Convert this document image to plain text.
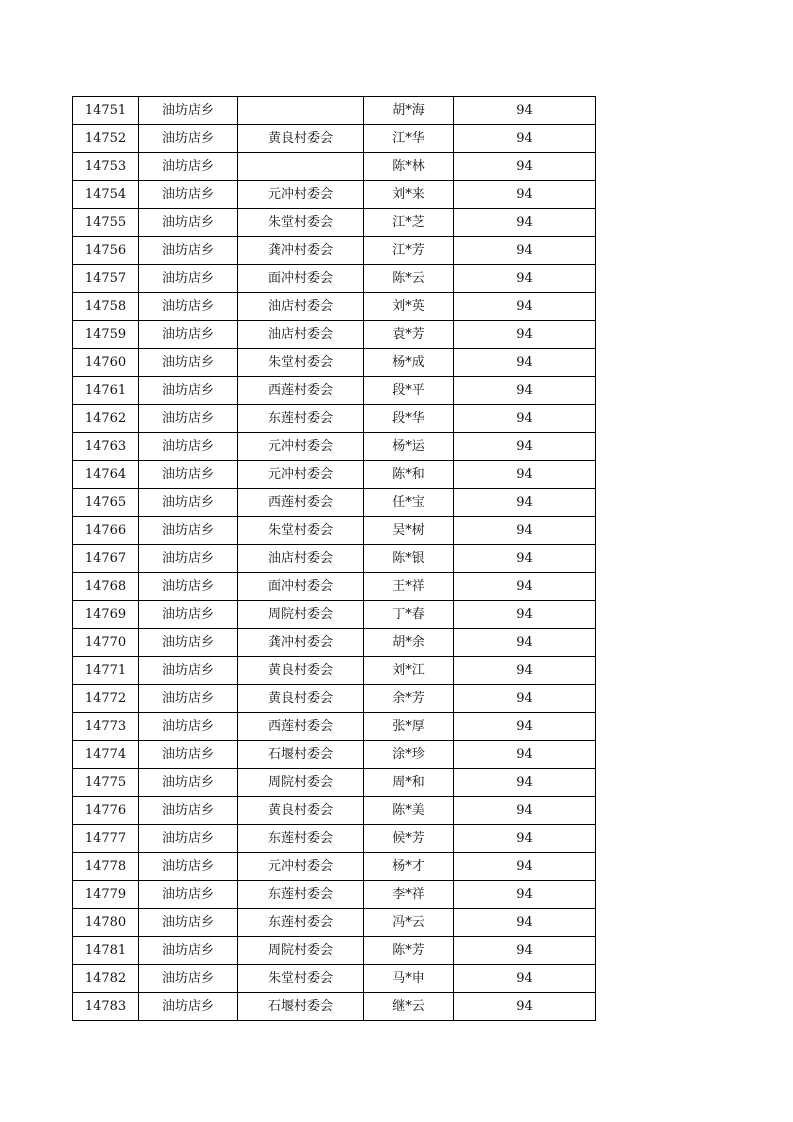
14751	油坊店乡		胡*海	94
14752	油坊店乡	黄良村委会	江*华	94
14753	油坊店乡		陈*林	94
14754	油坊店乡	元冲村委会	刘*来	94
14755	油坊店乡	朱堂村委会	江*芝	94
14756	油坊店乡	龚冲村委会	江*芳	94
14757	油坊店乡	面冲村委会	陈*云	94
14758	油坊店乡	油店村委会	刘*英	94
14759	油坊店乡	油店村委会	袁*芳	94
14760	油坊店乡	朱堂村委会	杨*成	94
14761	油坊店乡	西莲村委会	段*平	94
14762	油坊店乡	东莲村委会	段*华	94
14763	油坊店乡	元冲村委会	杨*运	94
14764	油坊店乡	元冲村委会	陈*和	94
14765	油坊店乡	西莲村委会	任*宝	94
14766	油坊店乡	朱堂村委会	吴*树	94
14767	油坊店乡	油店村委会	陈*银	94
14768	油坊店乡	面冲村委会	王*祥	94
14769	油坊店乡	周院村委会	丁*春	94
14770	油坊店乡	龚冲村委会	胡*余	94
14771	油坊店乡	黄良村委会	刘*江	94
14772	油坊店乡	黄良村委会	余*芳	94
14773	油坊店乡	西莲村委会	张*厚	94
14774	油坊店乡	石堰村委会	涂*珍	94
14775	油坊店乡	周院村委会	周*和	94
14776	油坊店乡	黄良村委会	陈*美	94
14777	油坊店乡	东莲村委会	候*芳	94
14778	油坊店乡	元冲村委会	杨*才	94
14779	油坊店乡	东莲村委会	李*祥	94
14780	油坊店乡	东莲村委会	冯*云	94
14781	油坊店乡	周院村委会	陈*芳	94
14782	油坊店乡	朱堂村委会	马*申	94
14783	油坊店乡	石堰村委会	继*云	94
